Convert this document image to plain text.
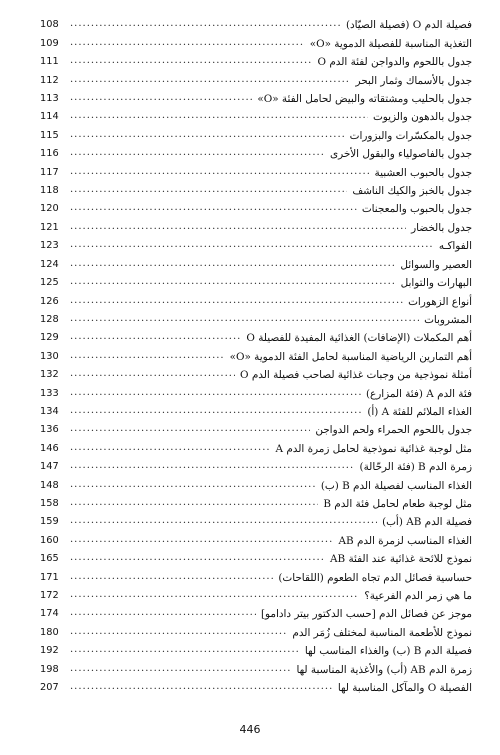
فصيلة الدم O (فصيلة الصيّاد)
.....
108
التغذية المناسبة للفصيلة الدموية «O»
.....
109
جدول باللحوم والدواجن لفئة الدم O
.....
111
جدول بالأسماك وثمار البحر
.....
112
جدول بالحليب ومشتقاته والبيض لحامل الفئة «O»
.....
113
جدول بالدهون والزيوت
.....
114
جدول بالمكسّرات والبزورات
.....
115
جدول بالفاصولياء والبقول الأخرى
.....
116
جدول بالحبوب العشبية
.....
117
جدول بالخبز والكيك الناشف
.....
118
جدول بالحبوب والمعجنات
.....
120
جدول بالخضار
.....
121
الفواكـه
.....
123
العصير والسوائل
.....
124
البهارات والتوابل
.....
125
أنواع الزهورات
.....
126
المشروبات
.....
128
أهم المكملات (الإضافات) الغذائية المفيدة للفصيلة O
.....
129
أهم التمارين الرياضية المناسبة لحامل الفئة الدموية «O»
.....
130
أمثلة نموذجية من وجبات غذائية لصاحب فصيلة الدم O
.....
132
فئة الدم A (فئة المزارع)
.....
133
الغذاء الملائم للفئة A (أ)
.....
134
جدول باللحوم الحمراء ولحم الدواجن
.....
136
مثل لوجبة غذائية نموذجية لحامل زمرة الدم A
.....
146
زمرة الدم B (فئة الرحّالة)
.....
147
الغذاء المناسب لفصيلة الدم B (ب)
.....
148
مثل لوجبة طعام لحامل فئة الدم B
.....
158
فصيلة الدم AB (أب)
.....
159
الغذاء المناسب لزمرة الدم AB
.....
160
نموذج للائحة غذائية عند الفئة AB
.....
165
حساسية فصائل الدم تجاه الطعوم (اللقاحات)
.....
171
ما هي زمر الدم الفرعية؟
.....
172
موجز عن فصائل الدم [حسب الدكتور بيتر دادامو]
.....
174
نموذج للأطعمة المناسبة لمختلف زُمَر الدم
.....
180
فصيلة الدم B (ب) والغذاء المناسب لها
.....
192
زمرة الدم AB (أب) والأغذية المناسبة لها
.....
198
الفصيلة O والمآكل المناسبة لها
.....
207
446
